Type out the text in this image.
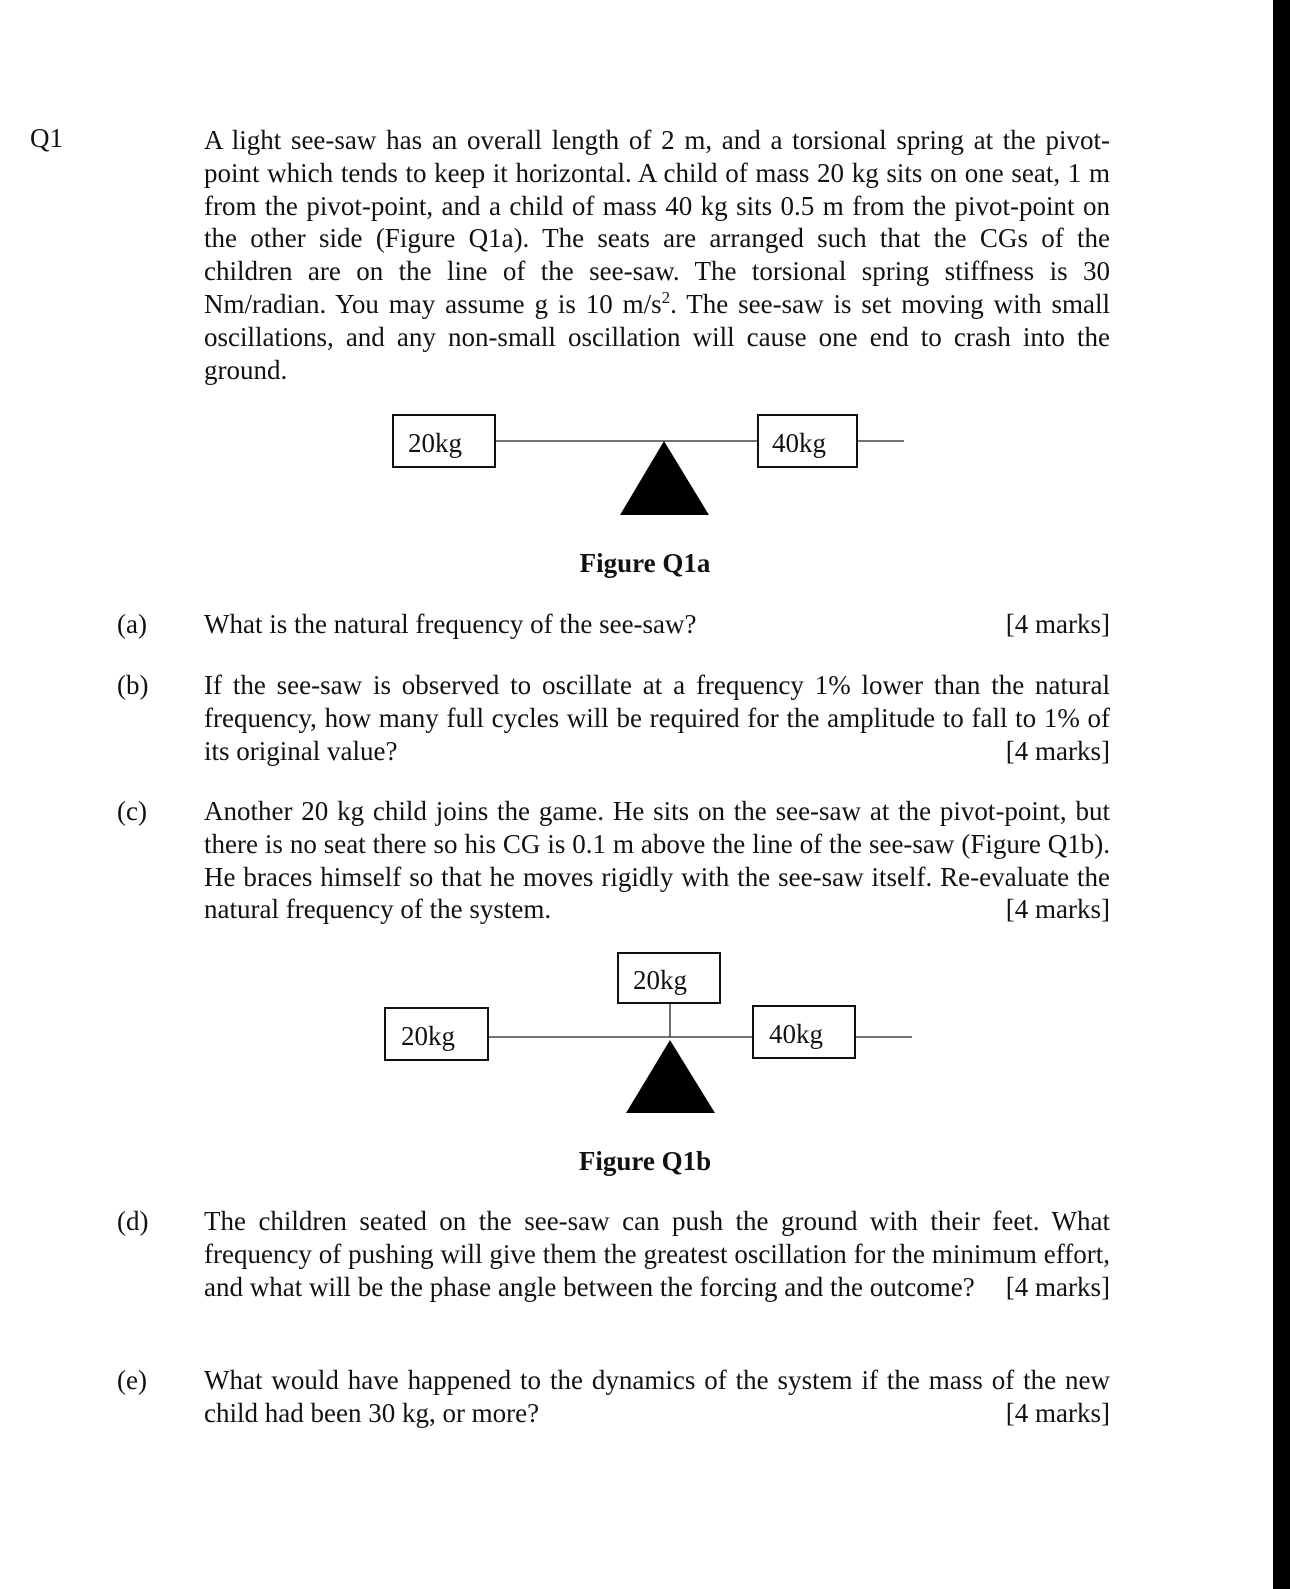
Q1	A light see-saw has an overall length of 2 m, and a torsional spring at the pivot-point which tends to keep it horizontal. A child of mass 20 kg sits on one seat, 1 m from the pivot-point, and a child of mass 40 kg sits 0.5 m from the pivot-point on the other side (Figure Q1a). The seats are arranged such that the CGs of the children are on the line of the see-saw. The torsional spring stiffness is 30 Nm/radian. You may assume g is 10 $m/s^2$. The see-saw is set moving with small oscillations, and any non-small oscillation will cause one end to crash into the ground.
20kg	40kg
Figure Q1a
(a) What is the natural frequency of the see-saw?	[4 marks]
(b) If the see-saw is observed to oscillate at a frequency 1% lower than the natural frequency, how many full cycles will be required for the amplitude to fall to 1% of its original value?	[4 marks]
(c) Another 20 kg child joins the game. He sits on the see-saw at the pivot-point, but there is no seat there so his CG is 0.1 m above the line of the see-saw (Figure Q1b). He braces himself so that he moves rigidly with the see-saw itself. Re-evaluate the natural frequency of the system.	[4 marks]
20kg
20kg
40kg
Figure Q1b
(d) The children seated on the see-saw can push the ground with their feet. What frequency of pushing will give them the greatest oscillation for the minimum effort, and what will be the phase angle between the forcing and the outcome? [4 marks]
(e) What would have happened to the dynamics of the system if the mass of the new child had been 30 kg, or more?	[4 marks]
